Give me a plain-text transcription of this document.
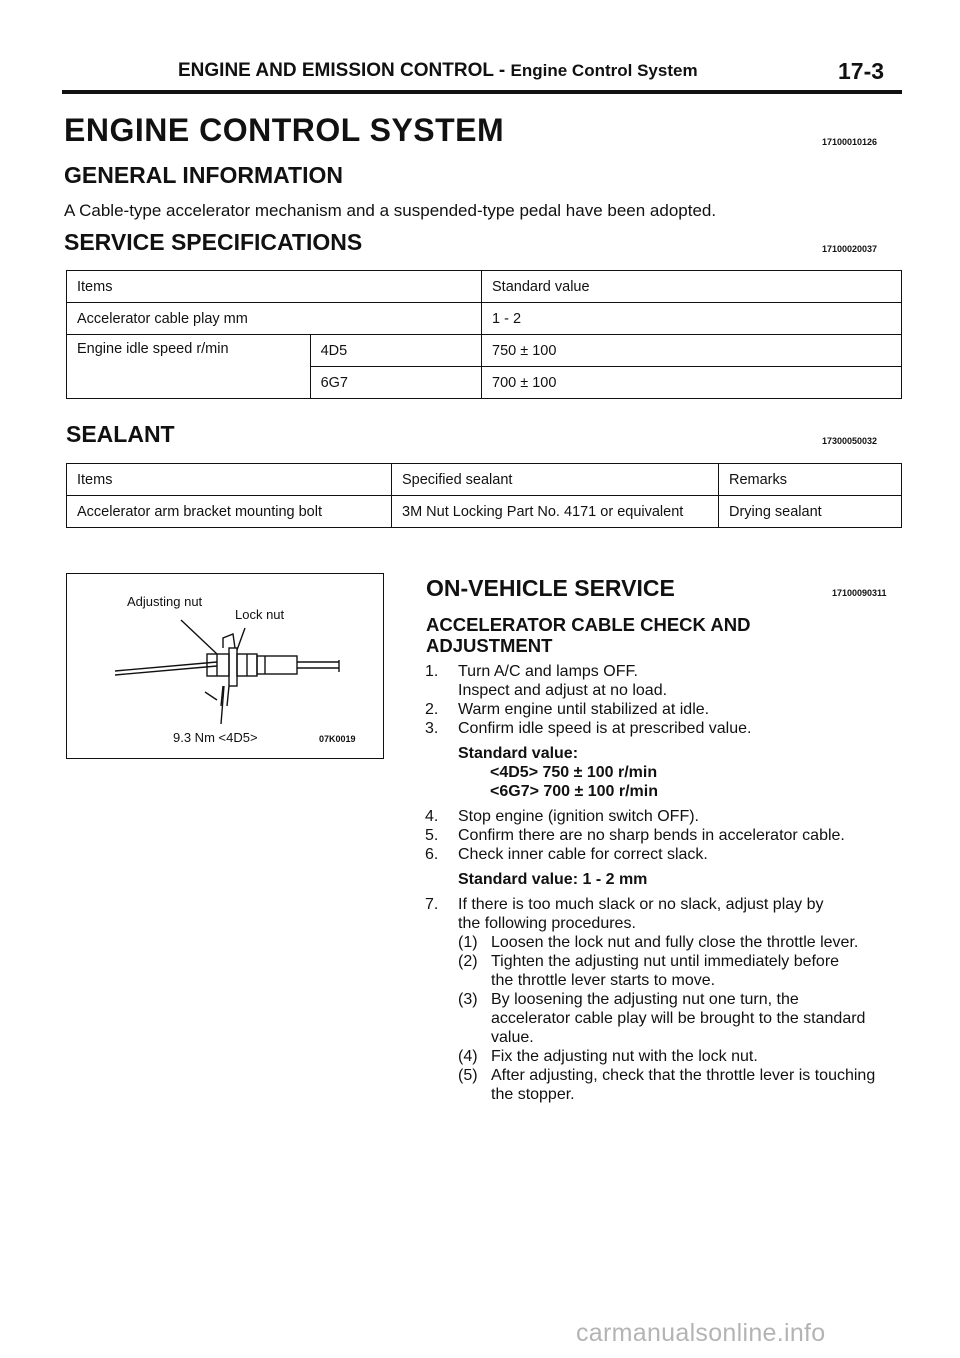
ENGINE AND EMISSION CONTROL - Engine Control System	17-3
ENGINE CONTROL SYSTEM	17100010126
GENERAL INFORMATION
A Cable-type accelerator mechanism and a suspended-type pedal have been adopted.
SERVICE SPECIFICATIONS	17100020037
Items		Standard value
Accelerator cable play mm		1 - 2
Engine idle speed r/min	4D5	750 ± 100
	6G7	700 ± 100
SEALANT	17300050032
Items	Specified sealant	Remarks
Accelerator arm bracket mounting bolt	3M Nut Locking Part No. 4171 or equivalent	Drying sealant
Adjusting nut
Lock nut
9.3 Nm <4D5>	07K0019
ON-VEHICLE SERVICE	17100090311
ACCELERATOR CABLE CHECK AND
ADJUSTMENT
1. Turn A/C and lamps OFF.
Inspect and adjust at no load.
2. Warm engine until stabilized at idle.
3. Confirm idle speed is at prescribed value.
Standard value:
<4D5> 750 ± 100 r/min
<6G7> 700 ± 100 r/min
4. Stop engine (ignition switch OFF).
5. Confirm there are no sharp bends in accelerator cable.
6. Check inner cable for correct slack.
Standard value: 1 - 2 mm
7. If there is too much slack or no slack, adjust play by
the following procedures.
(1) Loosen the lock nut and fully close the throttle lever.
(2) Tighten the adjusting nut until immediately before
the throttle lever starts to move.
(3) By loosening the adjusting nut one turn, the
accelerator cable play will be brought to the standard
value.
(4) Fix the adjusting nut with the lock nut.
(5) After adjusting, check that the throttle lever is touching
the stopper.
carmanualsonline.info
